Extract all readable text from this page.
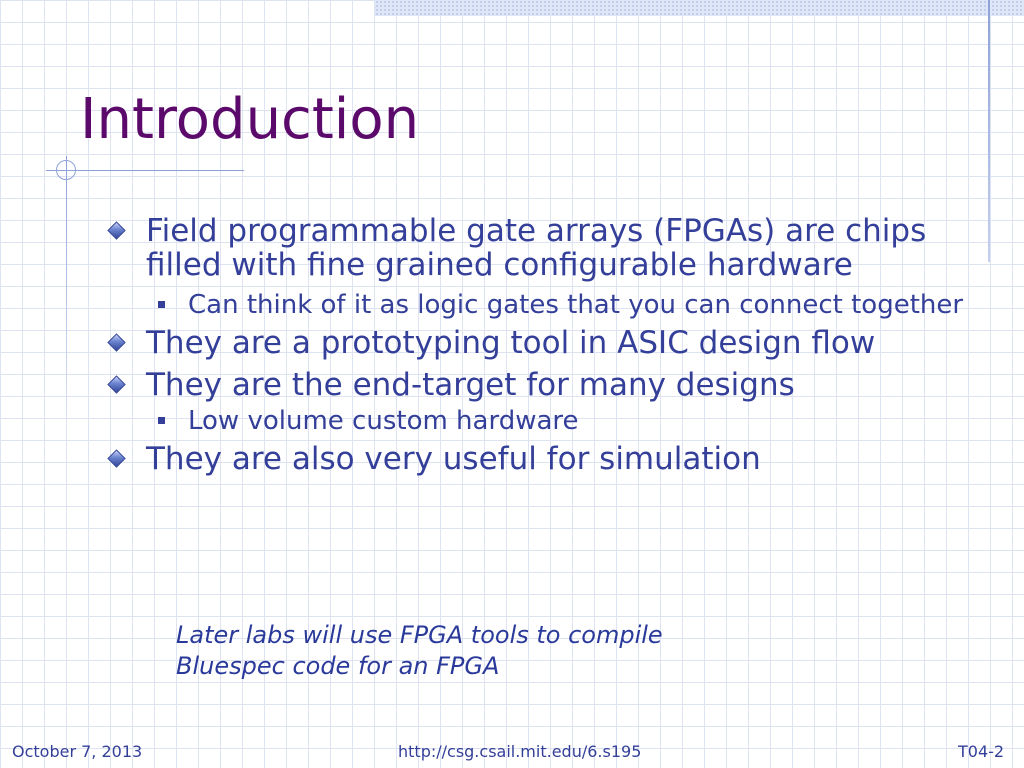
Introduction
Field programmable gate arrays (FPGAs) are chips filled with fine grained configurable hardware
Can think of it as logic gates that you can connect together
They are a prototyping tool in ASIC design flow
They are the end-target for many designs
Low volume custom hardware
They are also very useful for simulation
Later labs will use FPGA tools to compile
Bluespec code for an FPGA
October 7, 2013	http://csg.csail.mit.edu/6.s195	T04-2
